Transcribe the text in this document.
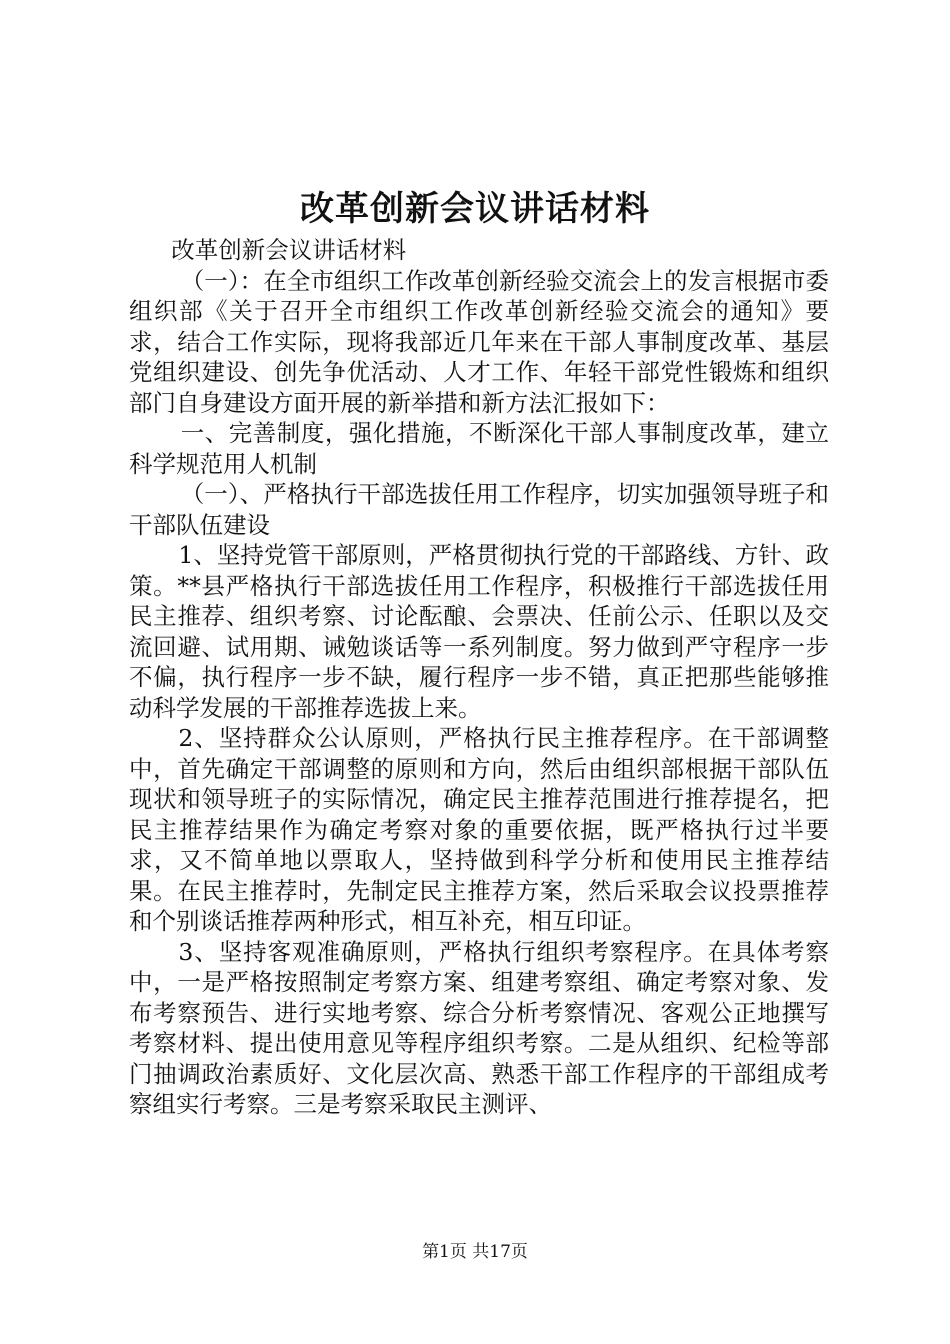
改革创新会议讲话材料

改革创新会议讲话材料

（一）：在全市组织工作改革创新经验交流会上的发言根据市委组织部《关于召开全市组织工作改革创新经验交流会的通知》要求，结合工作实际，现将我部近几年来在干部人事制度改革、基层党组织建设、创先争优活动、人才工作、年轻干部党性锻炼和组织部门自身建设方面开展的新举措和新方法汇报如下：

一、完善制度，强化措施，不断深化干部人事制度改革，建立科学规范用人机制

（一）、严格执行干部选拔任用工作程序，切实加强领导班子和干部队伍建设

1、坚持党管干部原则，严格贯彻执行党的干部路线、方针、政策。**县严格执行干部选拔任用工作程序，积极推行干部选拔任用民主推荐、组织考察、讨论酝酿、会票决、任前公示、任职以及交流回避、试用期、诫勉谈话等一系列制度。努力做到严守程序一步不偏，执行程序一步不缺，履行程序一步不错，真正把那些能够推动科学发展的干部推荐选拔上来。

2、坚持群众公认原则，严格执行民主推荐程序。在干部调整中，首先确定干部调整的原则和方向，然后由组织部根据干部队伍现状和领导班子的实际情况，确定民主推荐范围进行推荐提名，把民主推荐结果作为确定考察对象的重要依据，既严格执行过半要求，又不简单地以票取人，坚持做到科学分析和使用民主推荐结果。在民主推荐时，先制定民主推荐方案，然后采取会议投票推荐和个别谈话推荐两种形式，相互补充，相互印证。

3、坚持客观准确原则，严格执行组织考察程序。在具体考察中，一是严格按照制定考察方案、组建考察组、确定考察对象、发布考察预告、进行实地考察、综合分析考察情况、客观公正地撰写考察材料、提出使用意见等程序组织考察。二是从组织、纪检等部门抽调政治素质好、文化层次高、熟悉干部工作程序的干部组成考察组实行考察。三是考察采取民主测评、

第1页 共17页
